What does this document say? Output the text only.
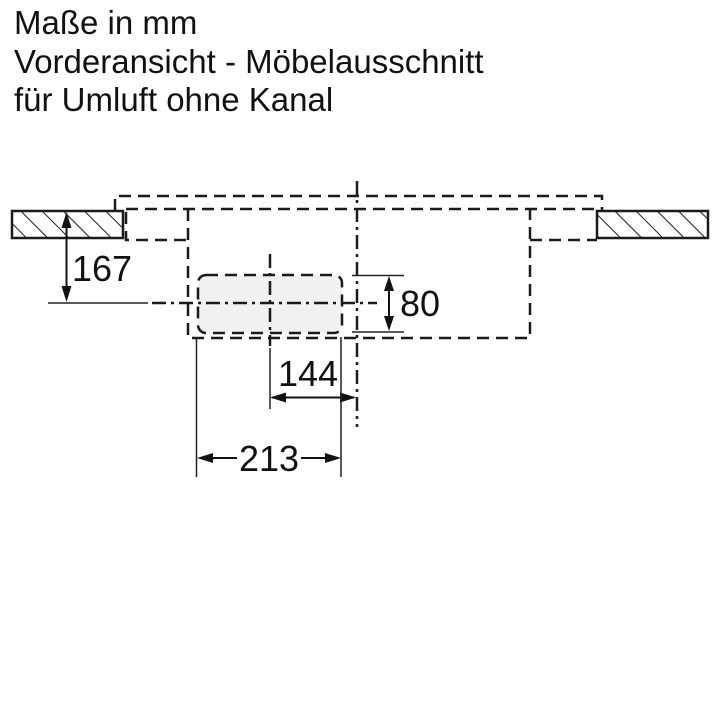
Maße in mm
Vorderansicht - Möbelausschnitt
für Umluft ohne Kanal
167
80
144
213
